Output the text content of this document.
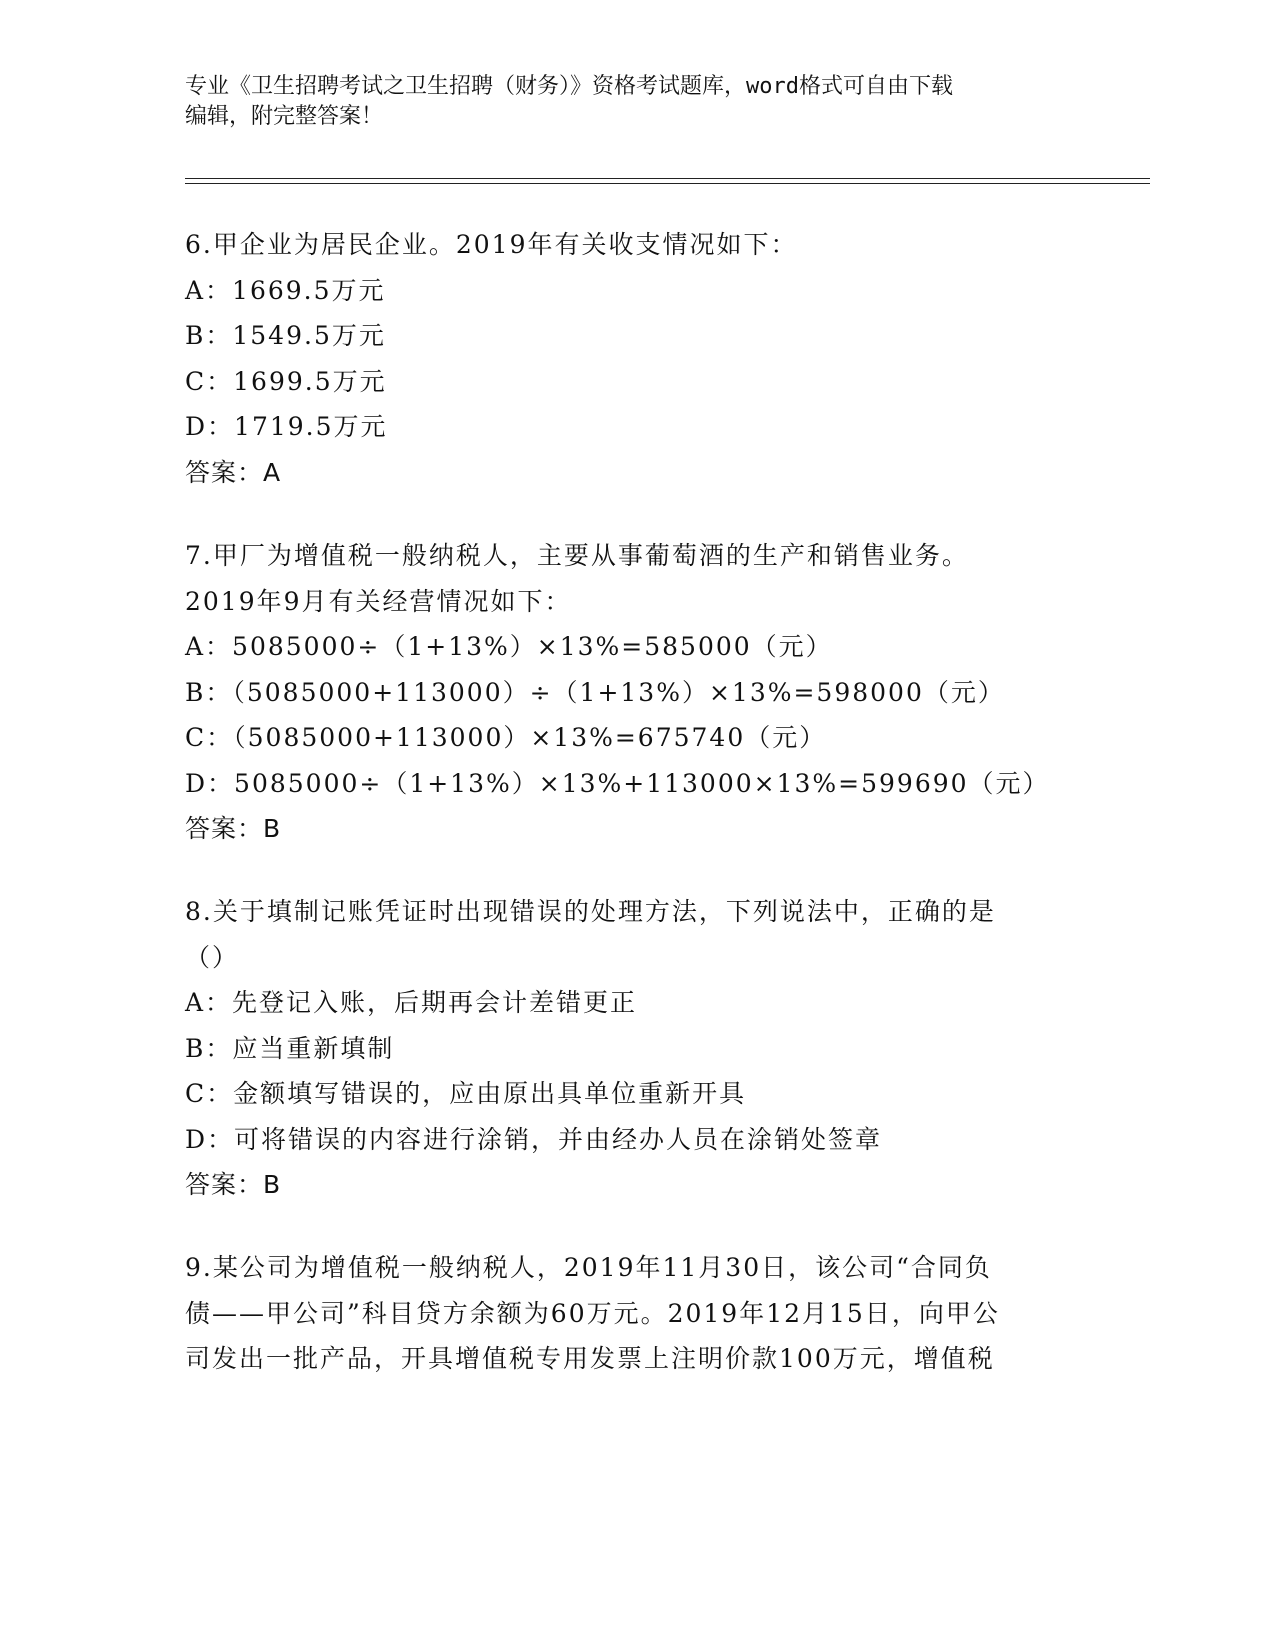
专业《卫生招聘考试之卫生招聘（财务）》资格考试题库，word格式可自由下载
编辑，附完整答案！
6.甲企业为居民企业。2019年有关收支情况如下：
A：1669.5万元
B：1549.5万元
C：1699.5万元
D：1719.5万元
答案：A
7.甲厂为增值税一般纳税人，主要从事葡萄酒的生产和销售业务。
2019年9月有关经营情况如下：
A：5085000÷（1+13%）×13%=585000（元）
B：（5085000+113000）÷（1+13%）×13%=598000（元）
C：（5085000+113000）×13%=675740（元）
D：5085000÷（1+13%）×13%+113000×13%=599690（元）
答案：B
8.关于填制记账凭证时出现错误的处理方法，下列说法中，正确的是
（）
A：先登记入账，后期再会计差错更正
B：应当重新填制
C：金额填写错误的，应由原出具单位重新开具
D：可将错误的内容进行涂销，并由经办人员在涂销处签章
答案：B
9.某公司为增值税一般纳税人，2019年11月30日，该公司“合同负
债——甲公司”科目贷方余额为60万元。2019年12月15日，向甲公
司发出一批产品，开具增值税专用发票上注明价款100万元，增值税
